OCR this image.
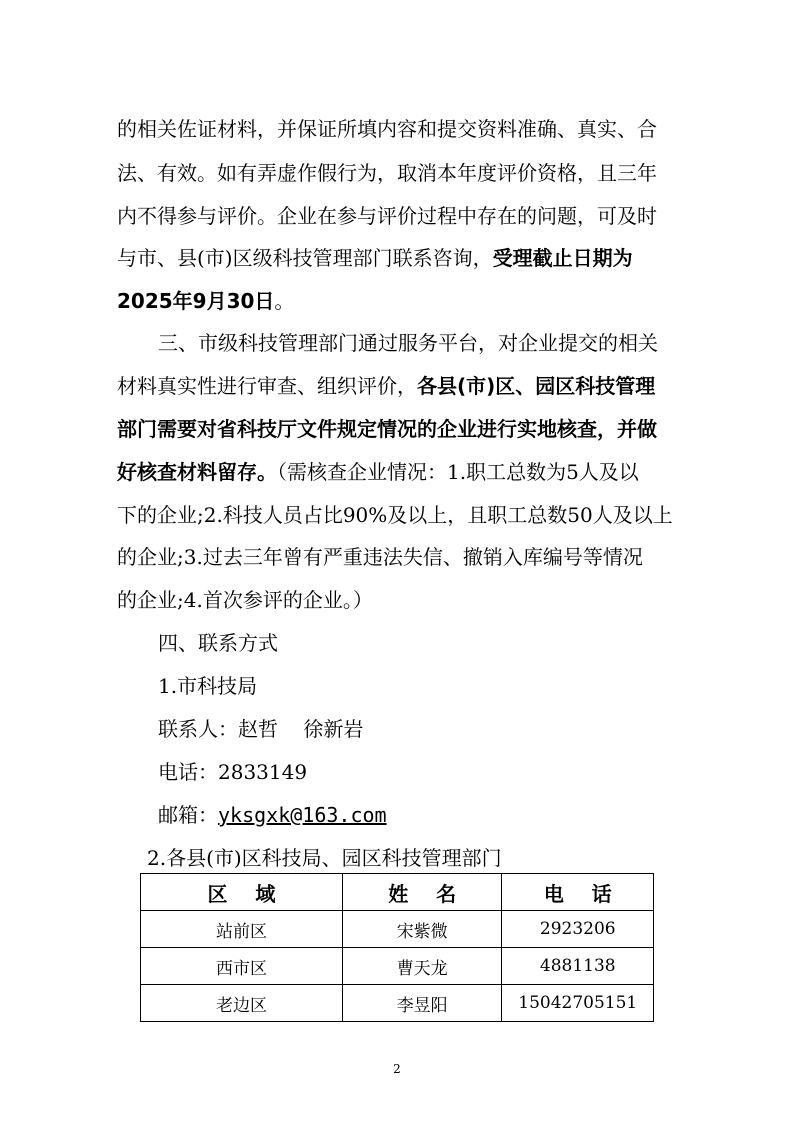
的相关佐证材料，并保证所填内容和提交资料准确、真实、合
法、有效。如有弄虚作假行为，取消本年度评价资格，且三年
内不得参与评价。企业在参与评价过程中存在的问题，可及时
与市、县(市)区级科技管理部门联系咨询，受理截止日期为
2025年9月30日。
三、市级科技管理部门通过服务平台，对企业提交的相关
材料真实性进行审查、组织评价，各县(市)区、园区科技管理
部门需要对省科技厅文件规定情况的企业进行实地核查，并做
好核查材料留存。（需核查企业情况：1.职工总数为5人及以
下的企业;2.科技人员占比90%及以上，且职工总数50人及以上
的企业;3.过去三年曾有严重违法失信、撤销入库编号等情况
的企业;4.首次参评的企业。）
四、联系方式
1.市科技局
联系人：赵哲    徐新岩
电话：2833149
邮箱：yksgxk@163.com
2.各县(市)区科技局、园区科技管理部门
区    域	姓    名	电    话
站前区	宋紫微	2923206
西市区	曹天龙	4881138
老边区	李昱阳	15042705151
2
